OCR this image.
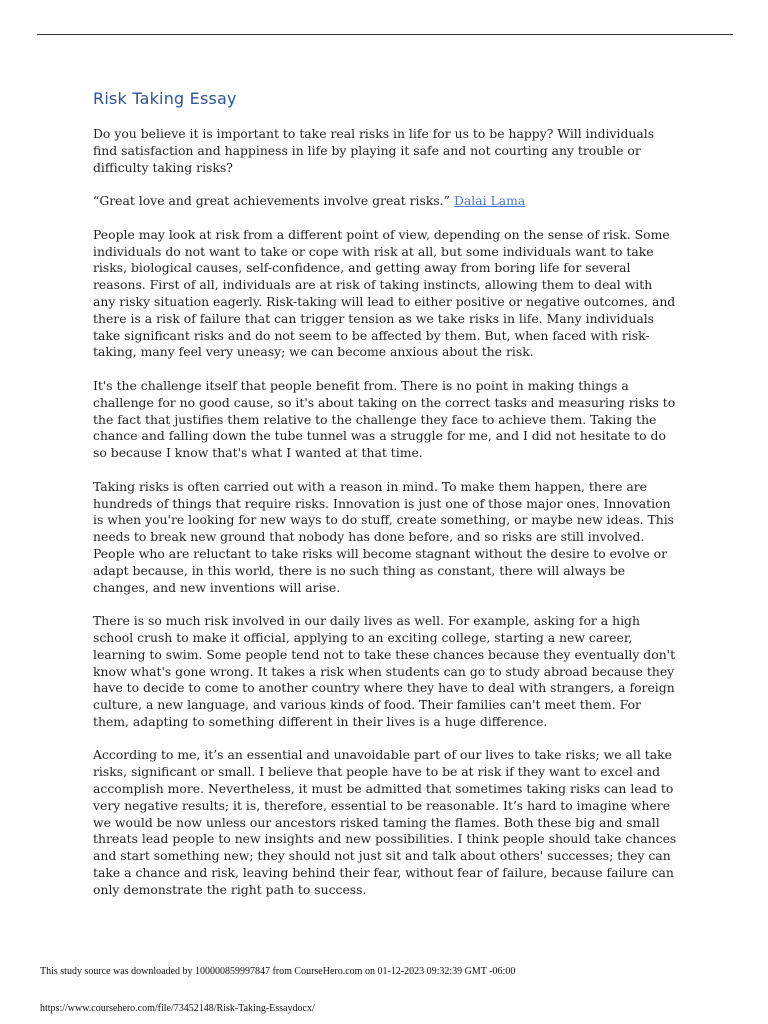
Risk Taking Essay

Do you believe it is important to take real risks in life for us to be happy? Will individuals find satisfaction and happiness in life by playing it safe and not courting any trouble or difficulty taking risks?

“Great love and great achievements involve great risks.” Dalai Lama

People may look at risk from a different point of view, depending on the sense of risk. Some individuals do not want to take or cope with risk at all, but some individuals want to take risks, biological causes, self-confidence, and getting away from boring life for several reasons. First of all, individuals are at risk of taking instincts, allowing them to deal with any risky situation eagerly. Risk-taking will lead to either positive or negative outcomes, and there is a risk of failure that can trigger tension as we take risks in life. Many individuals take significant risks and do not seem to be affected by them. But, when faced with risk-taking, many feel very uneasy; we can become anxious about the risk.

It's the challenge itself that people benefit from. There is no point in making things a challenge for no good cause, so it's about taking on the correct tasks and measuring risks to the fact that justifies them relative to the challenge they face to achieve them. Taking the chance and falling down the tube tunnel was a struggle for me, and I did not hesitate to do so because I know that's what I wanted at that time.

Taking risks is often carried out with a reason in mind. To make them happen, there are hundreds of things that require risks. Innovation is just one of those major ones. Innovation is when you're looking for new ways to do stuff, create something, or maybe new ideas. This needs to break new ground that nobody has done before, and so risks are still involved. People who are reluctant to take risks will become stagnant without the desire to evolve or adapt because, in this world, there is no such thing as constant, there will always be changes, and new inventions will arise.

There is so much risk involved in our daily lives as well. For example, asking for a high school crush to make it official, applying to an exciting college, starting a new career, learning to swim. Some people tend not to take these chances because they eventually don't know what's gone wrong. It takes a risk when students can go to study abroad because they have to decide to come to another country where they have to deal with strangers, a foreign culture, a new language, and various kinds of food. Their families can't meet them. For them, adapting to something different in their lives is a huge difference.

According to me, it’s an essential and unavoidable part of our lives to take risks; we all take risks, significant or small. I believe that people have to be at risk if they want to excel and accomplish more. Nevertheless, it must be admitted that sometimes taking risks can lead to very negative results; it is, therefore, essential to be reasonable. It’s hard to imagine where we would be now unless our ancestors risked taming the flames. Both these big and small threats lead people to new insights and new possibilities. I think people should take chances and start something new; they should not just sit and talk about others' successes; they can take a chance and risk, leaving behind their fear, without fear of failure, because failure can only demonstrate the right path to success.

This study source was downloaded by 100000859997847 from CourseHero.com on 01-12-2023 09:32:39 GMT -06:00
https://www.coursehero.com/file/73452148/Risk-Taking-Essaydocx/
